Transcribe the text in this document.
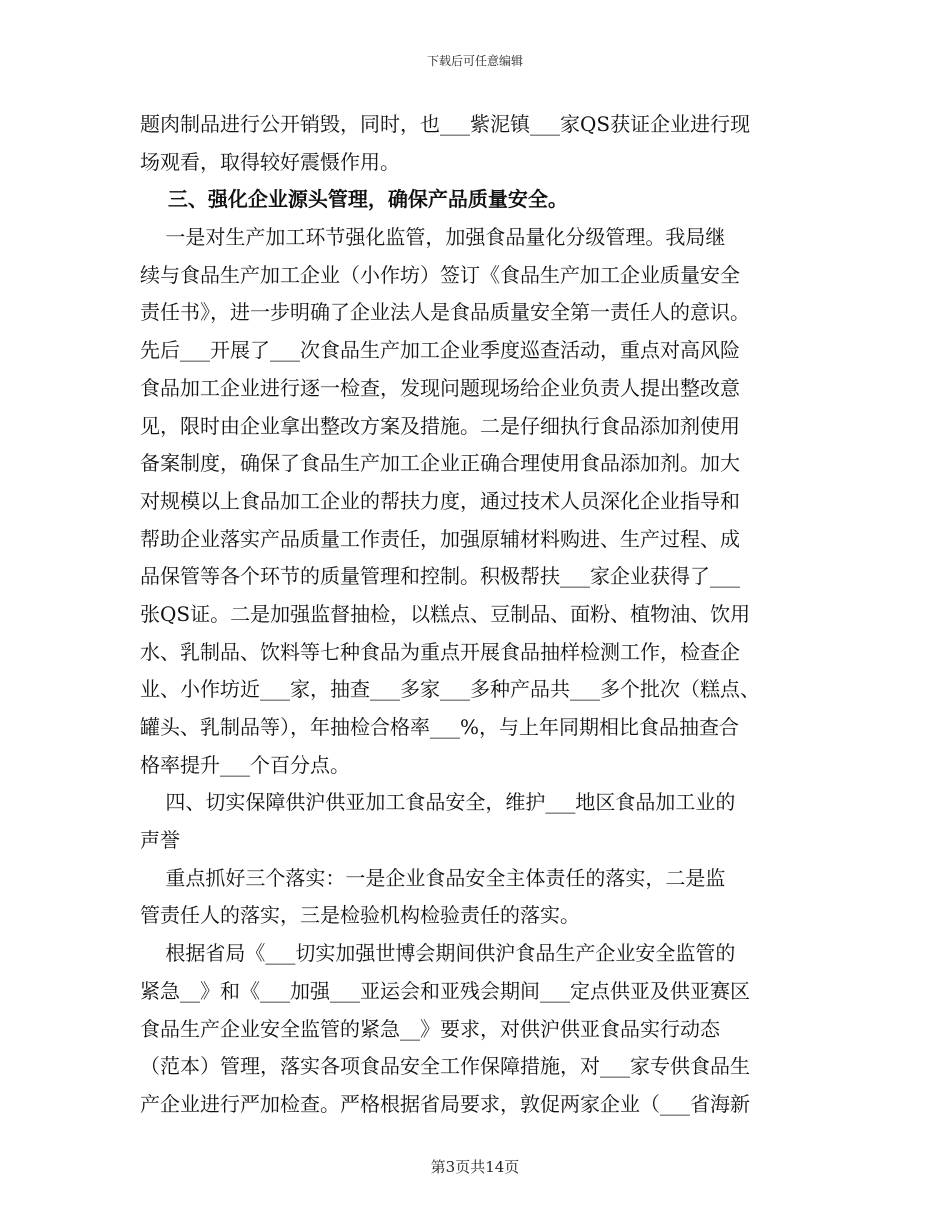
下载后可任意编辑
题肉制品进行公开销毁，同时，也___紫泥镇___家QS获证企业进行现
场观看，取得较好震慑作用。
三、强化企业源头管理，确保产品质量安全。
一是对生产加工环节强化监管，加强食品量化分级管理。我局继
续与食品生产加工企业（小作坊）签订《食品生产加工企业质量安全
责任书》，进一步明确了企业法人是食品质量安全第一责任人的意识。
先后___开展了___次食品生产加工企业季度巡查活动，重点对高风险
食品加工企业进行逐一检查，发现问题现场给企业负责人提出整改意
见，限时由企业拿出整改方案及措施。二是仔细执行食品添加剂使用
备案制度，确保了食品生产加工企业正确合理使用食品添加剂。加大
对规模以上食品加工企业的帮扶力度，通过技术人员深化企业指导和
帮助企业落实产品质量工作责任，加强原辅材料购进、生产过程、成
品保管等各个环节的质量管理和控制。积极帮扶___家企业获得了___
张QS证。二是加强监督抽检，以糕点、豆制品、面粉、植物油、饮用
水、乳制品、饮料等七种食品为重点开展食品抽样检测工作，检查企
业、小作坊近___家，抽查___多家___多种产品共___多个批次（糕点、
罐头、乳制品等），年抽检合格率___%，与上年同期相比食品抽查合
格率提升___个百分点。
四、切实保障供沪供亚加工食品安全，维护___地区食品加工业的
声誉
重点抓好三个落实：一是企业食品安全主体责任的落实，二是监
管责任人的落实，三是检验机构检验责任的落实。
根据省局《___切实加强世博会期间供沪食品生产企业安全监管的
紧急__》和《___加强___亚运会和亚残会期间___定点供亚及供亚赛区
食品生产企业安全监管的紧急__》要求，对供沪供亚食品实行动态
（范本）管理，落实各项食品安全工作保障措施，对___家专供食品生
产企业进行严加检查。严格根据省局要求，敦促两家企业（___省海新
第3页共14页
